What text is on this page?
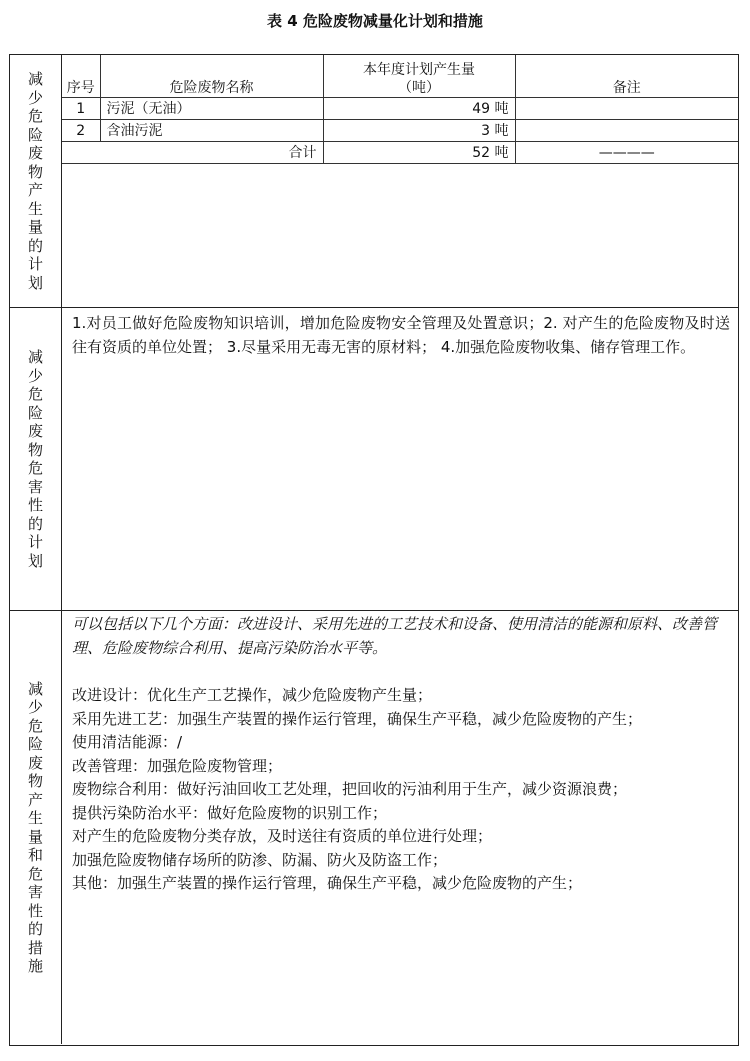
表 4 危险废物减量化计划和措施
减少危险废物产生量的计划
序号	危险废物名称	本年度计划产生量（吨）	备注
1	污泥（无油）	49 吨	
2	含油污泥	3 吨	
合计		52 吨	————
减少危险废物危害性的计划
1.对员工做好危险废物知识培训，增加危险废物安全管理及处置意识；2. 对产生的危险废物及时送往有资质的单位处置； 3.尽量采用无毒无害的原材料； 4.加强危险废物收集、储存管理工作。
减少危险废物产生量和危害性的措施
可以包括以下几个方面：改进设计、采用先进的工艺技术和设备、使用清洁的能源和原料、改善管理、危险废物综合利用、提高污染防治水平等。
改进设计：优化生产工艺操作，减少危险废物产生量；
采用先进工艺：加强生产装置的操作运行管理，确保生产平稳，减少危险废物的产生；
使用清洁能源：/
改善管理：加强危险废物管理；
废物综合利用：做好污油回收工艺处理，把回收的污油利用于生产，减少资源浪费；
提供污染防治水平：做好危险废物的识别工作；
对产生的危险废物分类存放，及时送往有资质的单位进行处理；
加强危险废物储存场所的防渗、防漏、防火及防盗工作；
其他：加强生产装置的操作运行管理，确保生产平稳，减少危险废物的产生；
